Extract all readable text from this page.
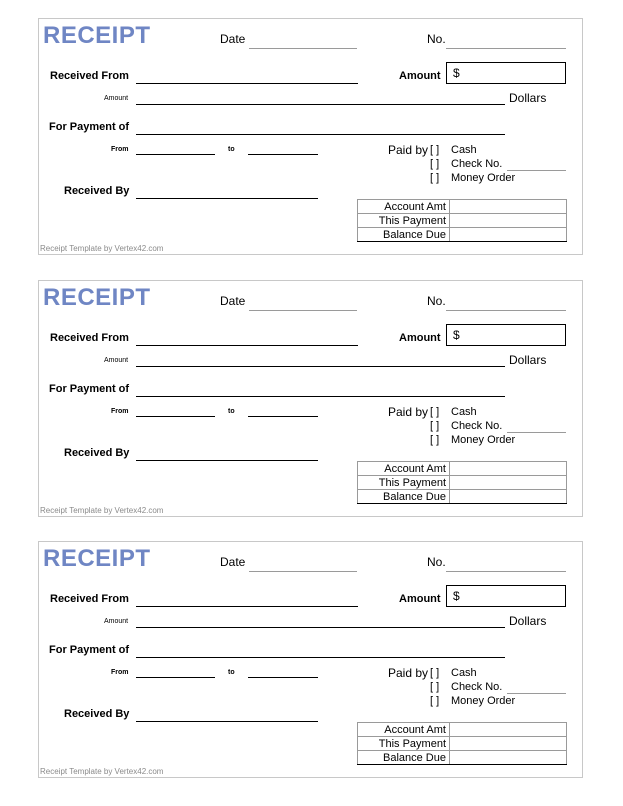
RECEIPT	Date	No.
Received From	Amount $
Amount	Dollars
For Payment of
From	to	Paid by [ ] Cash
[ ] Check No.
[ ] Money Order
Received By
Account Amt	
This Payment	
Balance Due	
Receipt Template by Vertex42.com
RECEIPT	Date	No.
Received From	Amount $
Amount	Dollars
For Payment of
From	to	Paid by [ ] Cash
[ ] Check No.
[ ] Money Order
Received By
Account Amt	
This Payment	
Balance Due	
Receipt Template by Vertex42.com
RECEIPT	Date	No.
Received From	Amount $
Amount	Dollars
For Payment of
From	to	Paid by [ ] Cash
[ ] Check No.
[ ] Money Order
Received By
Account Amt	
This Payment	
Balance Due	
Receipt Template by Vertex42.com
